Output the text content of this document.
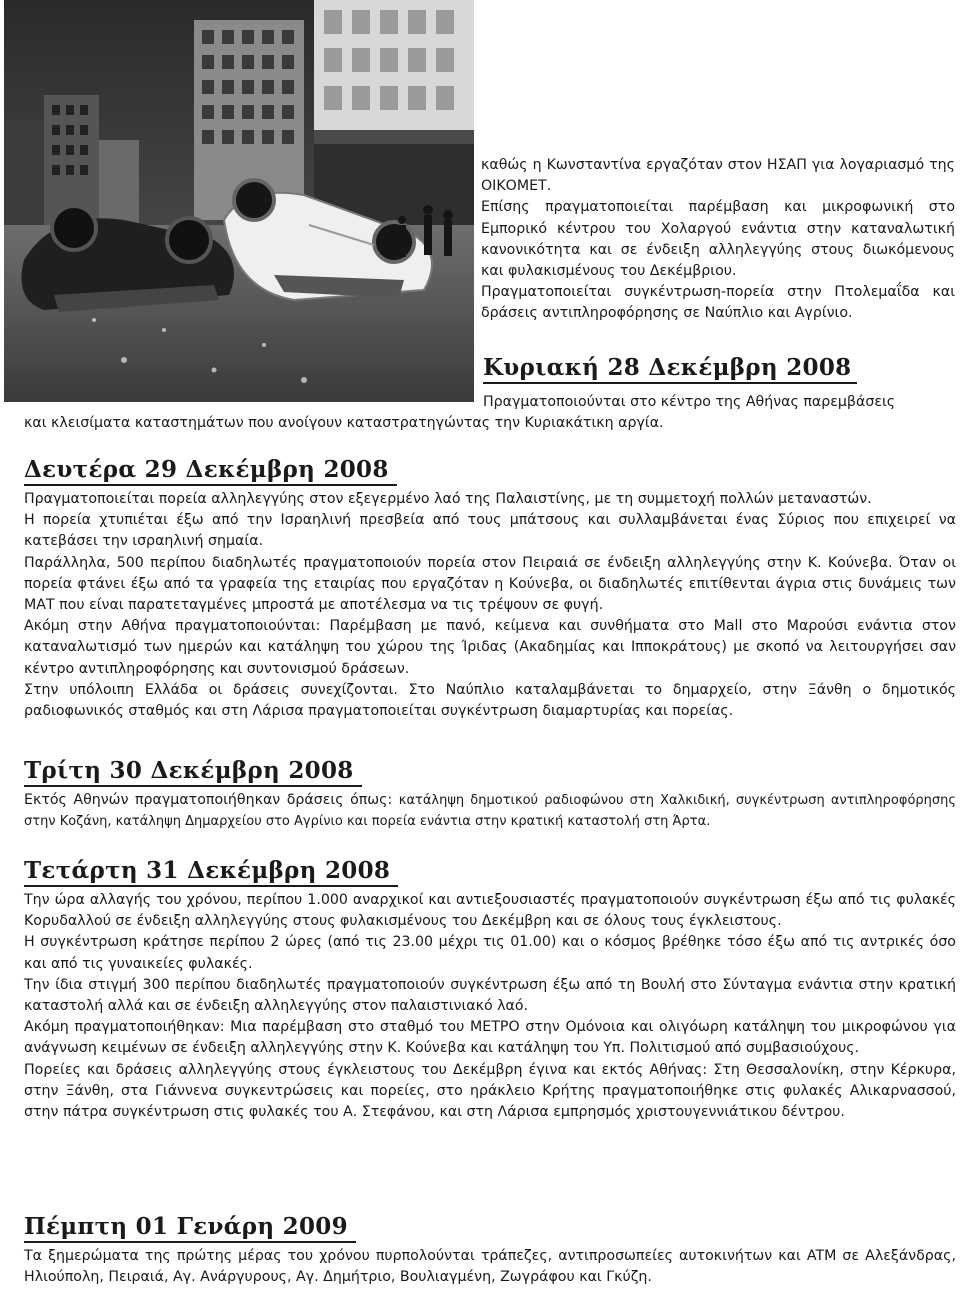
καθώς η Κωνσταντίνα εργαζόταν στον ΗΣΑΠ για λογαριασμό της ΟΙΚΟΜΕΤ.

Επίσης πραγματοποιείται παρέμβαση και μικροφωνική στο Εμπορικό κέντρου του Χολαργού ενάντια στην καταναλωτική κανονικότητα και σε ένδειξη αλληλεγγύης στους διωκόμενους και φυλακισμένους του Δεκέμβριου.

Πραγματοποιείται συγκέντρωση-πορεία στην Πτολεμαΐδα και δράσεις αντιπληροφόρησης σε Ναύπλιο και Αγρίνιο.

Κυριακή 28 Δεκέμβρη 2008
Πραγματοποιούνται στο κέντρο της Αθήνας παρεμβάσεις
και κλεισίματα καταστημάτων που ανοίγουν καταστρατηγώντας την Κυριακάτικη αργία.
Δευτέρα 29 Δεκέμβρη 2008

Πραγματοποιείται πορεία αλληλεγγύης στον εξεγερμένο λαό της Παλαιστίνης, με τη συμμετοχή πολλών μεταναστών.

Η πορεία χτυπιέται έξω από την Ισραηλινή πρεσβεία από τους μπάτσους και συλλαμβάνεται ένας Σύριος που επιχειρεί να κατεβάσει την ισραηλινή σημαία.

Παράλληλα, 500 περίπου διαδηλωτές πραγματοποιούν πορεία στον Πειραιά σε ένδειξη αλληλεγγύης στην Κ. Κούνεβα. Όταν οι πορεία φτάνει έξω από τα γραφεία της εταιρίας που εργαζόταν η Κούνεβα, οι διαδηλωτές επιτίθενται άγρια στις δυνάμεις των ΜΑΤ που είναι παρατεταγμένες μπροστά με αποτέλεσμα να τις τρέψουν σε φυγή.

Ακόμη στην Αθήνα πραγματοποιούνται: Παρέμβαση με πανό, κείμενα και συνθήματα στο Mall στο Μαρούσι ενάντια στον καταναλωτισμό των ημερών και κατάληψη του χώρου της Ίριδας (Ακαδημίας και Ιπποκράτους) με σκοπό να λειτουργήσει σαν κέντρο αντιπληροφόρησης και συντονισμού δράσεων.

Στην υπόλοιπη Ελλάδα οι δράσεις συνεχίζονται. Στο Ναύπλιο καταλαμβάνεται το δημαρχείο, στην Ξάνθη ο δημοτικός ραδιοφωνικός σταθμός και στη Λάρισα πραγματοποιείται συγκέντρωση διαμαρτυρίας και πορείας.

Τρίτη 30 Δεκέμβρη 2008

Εκτός Αθηνών πραγματοποιήθηκαν δράσεις όπως: κατάληψη δημοτικού ραδιοφώνου στη Χαλκιδική, συγκέντρωση αντιπληροφόρησης στην Κοζάνη, κατάληψη Δημαρχείου στο Αγρίνιο και πορεία ενάντια στην κρατική καταστολή στη Άρτα.

Τετάρτη 31 Δεκέμβρη 2008

Την ώρα αλλαγής του χρόνου, περίπου 1.000 αναρχικοί και αντιεξουσιαστές πραγματοποιούν συγκέντρωση έξω από τις φυλακές Κορυδαλλού σε ένδειξη αλληλεγγύης στους φυλακισμένους του Δεκέμβρη και σε όλους τους έγκλειστους.

Η συγκέντρωση κράτησε περίπου 2 ώρες (από τις 23.00 μέχρι τις 01.00) και ο κόσμος βρέθηκε τόσο έξω από τις αντρικές όσο και από τις γυναικείες φυλακές.

Την ίδια στιγμή 300 περίπου διαδηλωτές πραγματοποιούν συγκέντρωση έξω από τη Βουλή στο Σύνταγμα ενάντια στην κρατική καταστολή αλλά και σε ένδειξη αλληλεγγύης στον παλαιστινιακό λαό.

Ακόμη πραγματοποιήθηκαν: Μια παρέμβαση στο σταθμό του ΜΕΤΡΟ στην Ομόνοια και ολιγόωρη κατάληψη του μικροφώνου για ανάγνωση κειμένων σε ένδειξη αλληλεγγύης στην Κ. Κούνεβα και κατάληψη του Υπ. Πολιτισμού από συμβασιούχους.

Πορείες και δράσεις αλληλεγγύης στους έγκλειστους του Δεκέμβρη έγινα και εκτός Αθήνας: Στη Θεσσαλονίκη, στην Κέρκυρα, στην Ξάνθη, στα Γιάννενα συγκεντρώσεις και πορείες, στο ηράκλειο Κρήτης πραγματοποιήθηκε στις φυλακές Αλικαρνασσού, στην πάτρα συγκέντρωση στις φυλακές του Α. Στεφάνου, και στη Λάρισα εμπρησμός χριστουγεννιάτικου δέντρου.

Πέμπτη 01 Γενάρη 2009

Τα ξημερώματα της πρώτης μέρας του χρόνου πυρπολούνται τράπεζες, αντιπροσωπείες αυτοκινήτων και ATM σε Αλεξάνδρας, Ηλιούπολη, Πειραιά, Αγ. Ανάργυρους, Αγ. Δημήτριο, Βουλιαγμένη, Ζωγράφου και Γκύζη.
